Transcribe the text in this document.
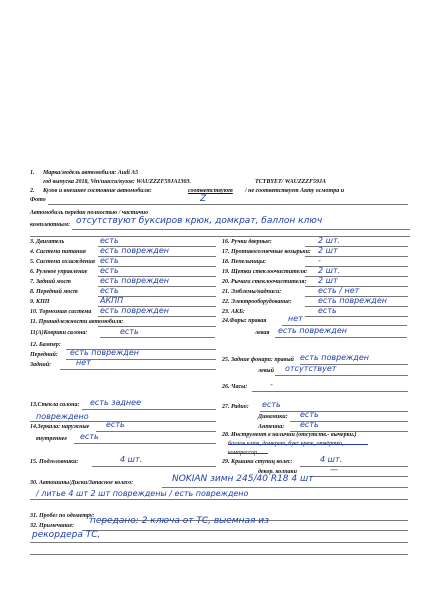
1. Марка/модель автомобиля: Audi A5
год выпуска 2018, Vin/шасси/кузов: WAUZZZF59JA1303.	TCTBYET/ WAUZZZF59JA
2. Кузов и внешнее состояние автомобиля:	соответствуют / не соответствует Акту осмотра и
Фото	Z
Автомобиль передан полностью / частично
комплектным: отсутствуют буксиров крюк, домкрат, баллон ключ
3. Двигатель	есть
4. Система питания есть поврежден
5. Система охлаждения есть
6. Рулевое управление есть
7. Задний мост	есть поврежден
8. Передний мост	есть
9. КПП	АКПП
10. Тормозная система есть поврежден
11. Принадлежности автомобиля:
16. Ручки дверные:	2 шт.
17. Противосолнечные козырьки: 2 шт
18. Пепельницы:	-
19. Щетки стеклоочистителя: 2 шт.
20. Рычаги стеклоочистителя: 2 шт
21. Эмблемы/надписи:	есть / нет
22. Электрооборудование:	есть поврежден
23. АКБ:	есть
11(А)Коврики салона:	есть
24.Фары: правая	нет
левая есть поврежден
12. Бампер:
25. Задние фонари: правый есть поврежден
левый отсутствует
Передний: есть поврежден
Задний:	нет
26. Часы:	-
13.Стекла салона: есть заднее
повреждено
27. Радио: есть
Динамики: есть
14.Зеркала: наружные есть	Антенна: есть
внутреннее есть	28. Инструмент в наличии (отсутств.- вычерки.)
баллон.ключ, домкрат, букс.крюк, отвёртка,
компрессор.
15. Подголовники:	4 шт.	29. Крышки ступиц колес:	4 шт.
декор. колпаки	—
30. Автошины/Диски/Запасное колесо:	NOKIAN зимн 245/40 R18 4 шт
/ литье 4 шт 2 шт повреждены / есть повреждено
31. Пробег по одометру:
32. Примечание: передано: 2 ключа от ТС, выемная из
рекордера ТС,
